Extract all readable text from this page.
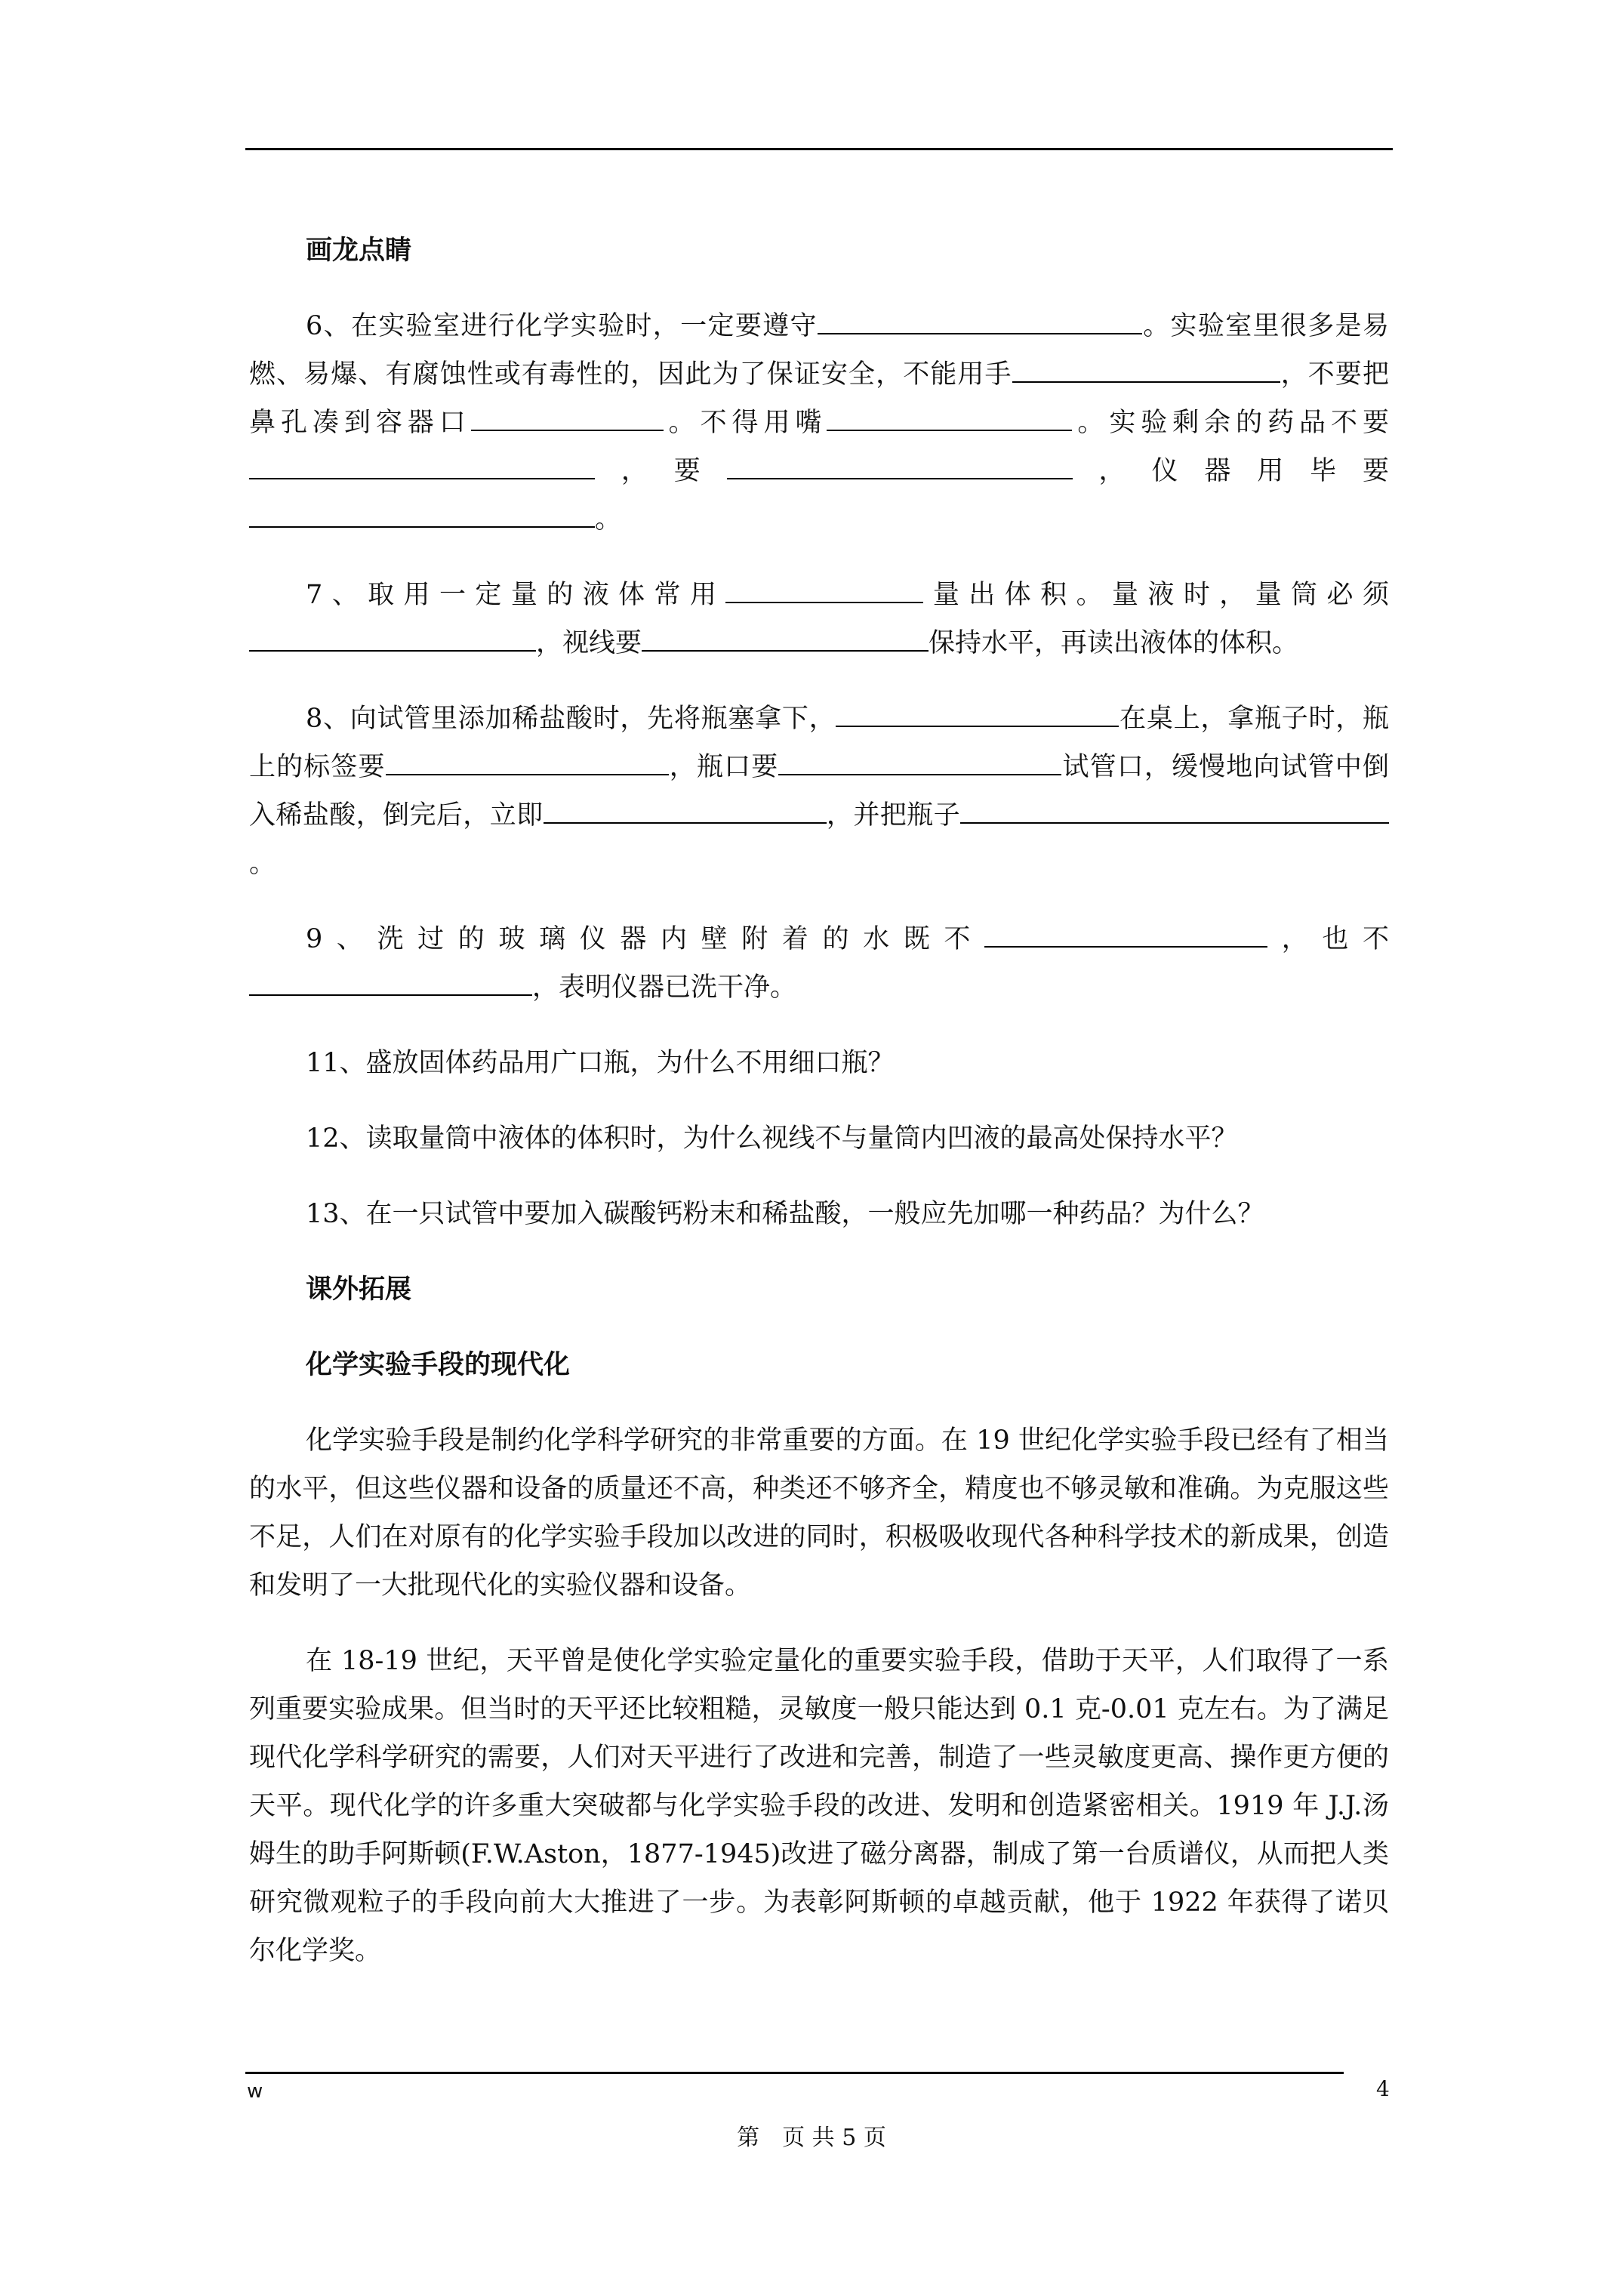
画龙点睛

6、在实验室进行化学实验时，一定要遵守	。实验室里很多是易燃、易爆、有腐蚀性或有毒性的，因此为了保证安全，不能用手	，不要把鼻孔凑到容器口	。不得用嘴	。实验剩余的药品不要，要	，仪器用毕要。

7、取用一定量的液体常用	量出体积。量液时，量筒必须，视线要	保持水平，再读出液体的体积。

8、向试管里添加稀盐酸时，先将瓶塞拿下，	在桌上，拿瓶子时，瓶上的标签要	，瓶口要	试管口，缓慢地向试管中倒入稀盐酸，倒完后，立即	，并把瓶子。

9、洗过的玻璃仪器内壁附着的水既不	，也不，表明仪器已洗干净。

11、盛放固体药品用广口瓶，为什么不用细口瓶？

12、读取量筒中液体的体积时，为什么视线不与量筒内凹液的最高处保持水平？

13、在一只试管中要加入碳酸钙粉末和稀盐酸，一般应先加哪一种药品？为什么？

课外拓展

化学实验手段的现代化

化学实验手段是制约化学科学研究的非常重要的方面。在 19 世纪化学实验手段已经有了相当的水平，但这些仪器和设备的质量还不高，种类还不够齐全，精度也不够灵敏和准确。为克服这些不足，人们在对原有的化学实验手段加以改进的同时，积极吸收现代各种科学技术的新成果，创造和发明了一大批现代化的实验仪器和设备。

在 18-19 世纪，天平曾是使化学实验定量化的重要实验手段，借助于天平，人们取得了一系列重要实验成果。但当时的天平还比较粗糙，灵敏度一般只能达到 0.1 克-0.01 克左右。为了满足现代化学科学研究的需要，人们对天平进行了改进和完善，制造了一些灵敏度更高、操作更方便的天平。现代化学的许多重大突破都与化学实验手段的改进、发明和创造紧密相关。1919 年 J.J.汤姆生的助手阿斯顿(F.W.Aston，1877-1945)改进了磁分离器，制成了第一台质谱仪，从而把人类研究微观粒子的手段向前大大推进了一步。为表彰阿斯顿的卓越贡献，他于 1922 年获得了诺贝尔化学奖。

w	4
第　页 共 5 页
